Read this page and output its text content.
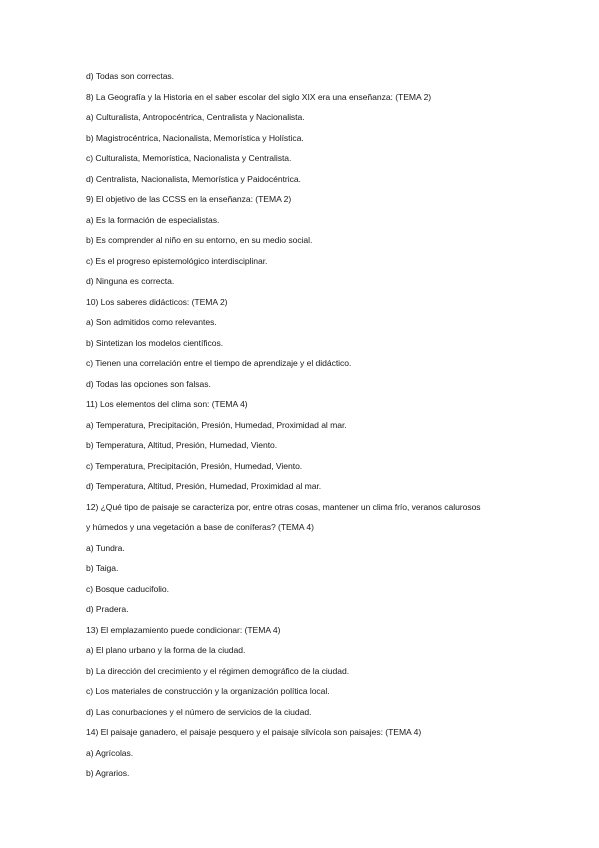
d) Todas son correctas.
8) La Geografía y la Historia en el saber escolar del siglo XIX era una enseñanza: (TEMA 2)
a) Culturalista, Antropocéntrica, Centralista y Nacionalista.
b) Magistrocéntrica, Nacionalista, Memorística y Holística.
c) Culturalista, Memorística, Nacionalista y Centralista.
d) Centralista, Nacionalista, Memorística y Paidocéntrica.
9) El objetivo de las CCSS en la enseñanza: (TEMA 2)
a) Es la formación de especialistas.
b) Es comprender al niño en su entorno, en su medio social.
c) Es el progreso epistemológico interdisciplinar.
d) Ninguna es correcta.
10) Los saberes didácticos: (TEMA 2)
a) Son admitidos como relevantes.
b) Sintetizan los modelos científicos.
c) Tienen una correlación entre el tiempo de aprendizaje y el didáctico.
d) Todas las opciones son falsas.
11) Los elementos del clima son: (TEMA 4)
a) Temperatura, Precipitación, Presión, Humedad, Proximidad al mar.
b) Temperatura, Altitud, Presión, Humedad, Viento.
c) Temperatura, Precipitación, Presión, Humedad, Viento.
d) Temperatura, Altitud, Presión, Humedad, Proximidad al mar.
12) ¿Qué tipo de paisaje se caracteriza por, entre otras cosas, mantener un clima frío, veranos calurosos
y húmedos y una vegetación a base de coníferas? (TEMA 4)
a) Tundra.
b) Taiga.
c) Bosque caducifolio.
d) Pradera.
13) El emplazamiento puede condicionar: (TEMA 4)
a) El plano urbano y la forma de la ciudad.
b) La dirección del crecimiento y el régimen demográfico de la ciudad.
c) Los materiales de construcción y la organización política local.
d) Las conurbaciones y el número de servicios de la ciudad.
14) El paisaje ganadero, el paisaje pesquero y el paisaje silvícola son paisajes: (TEMA 4)
a) Agrícolas.
b) Agrarios.
